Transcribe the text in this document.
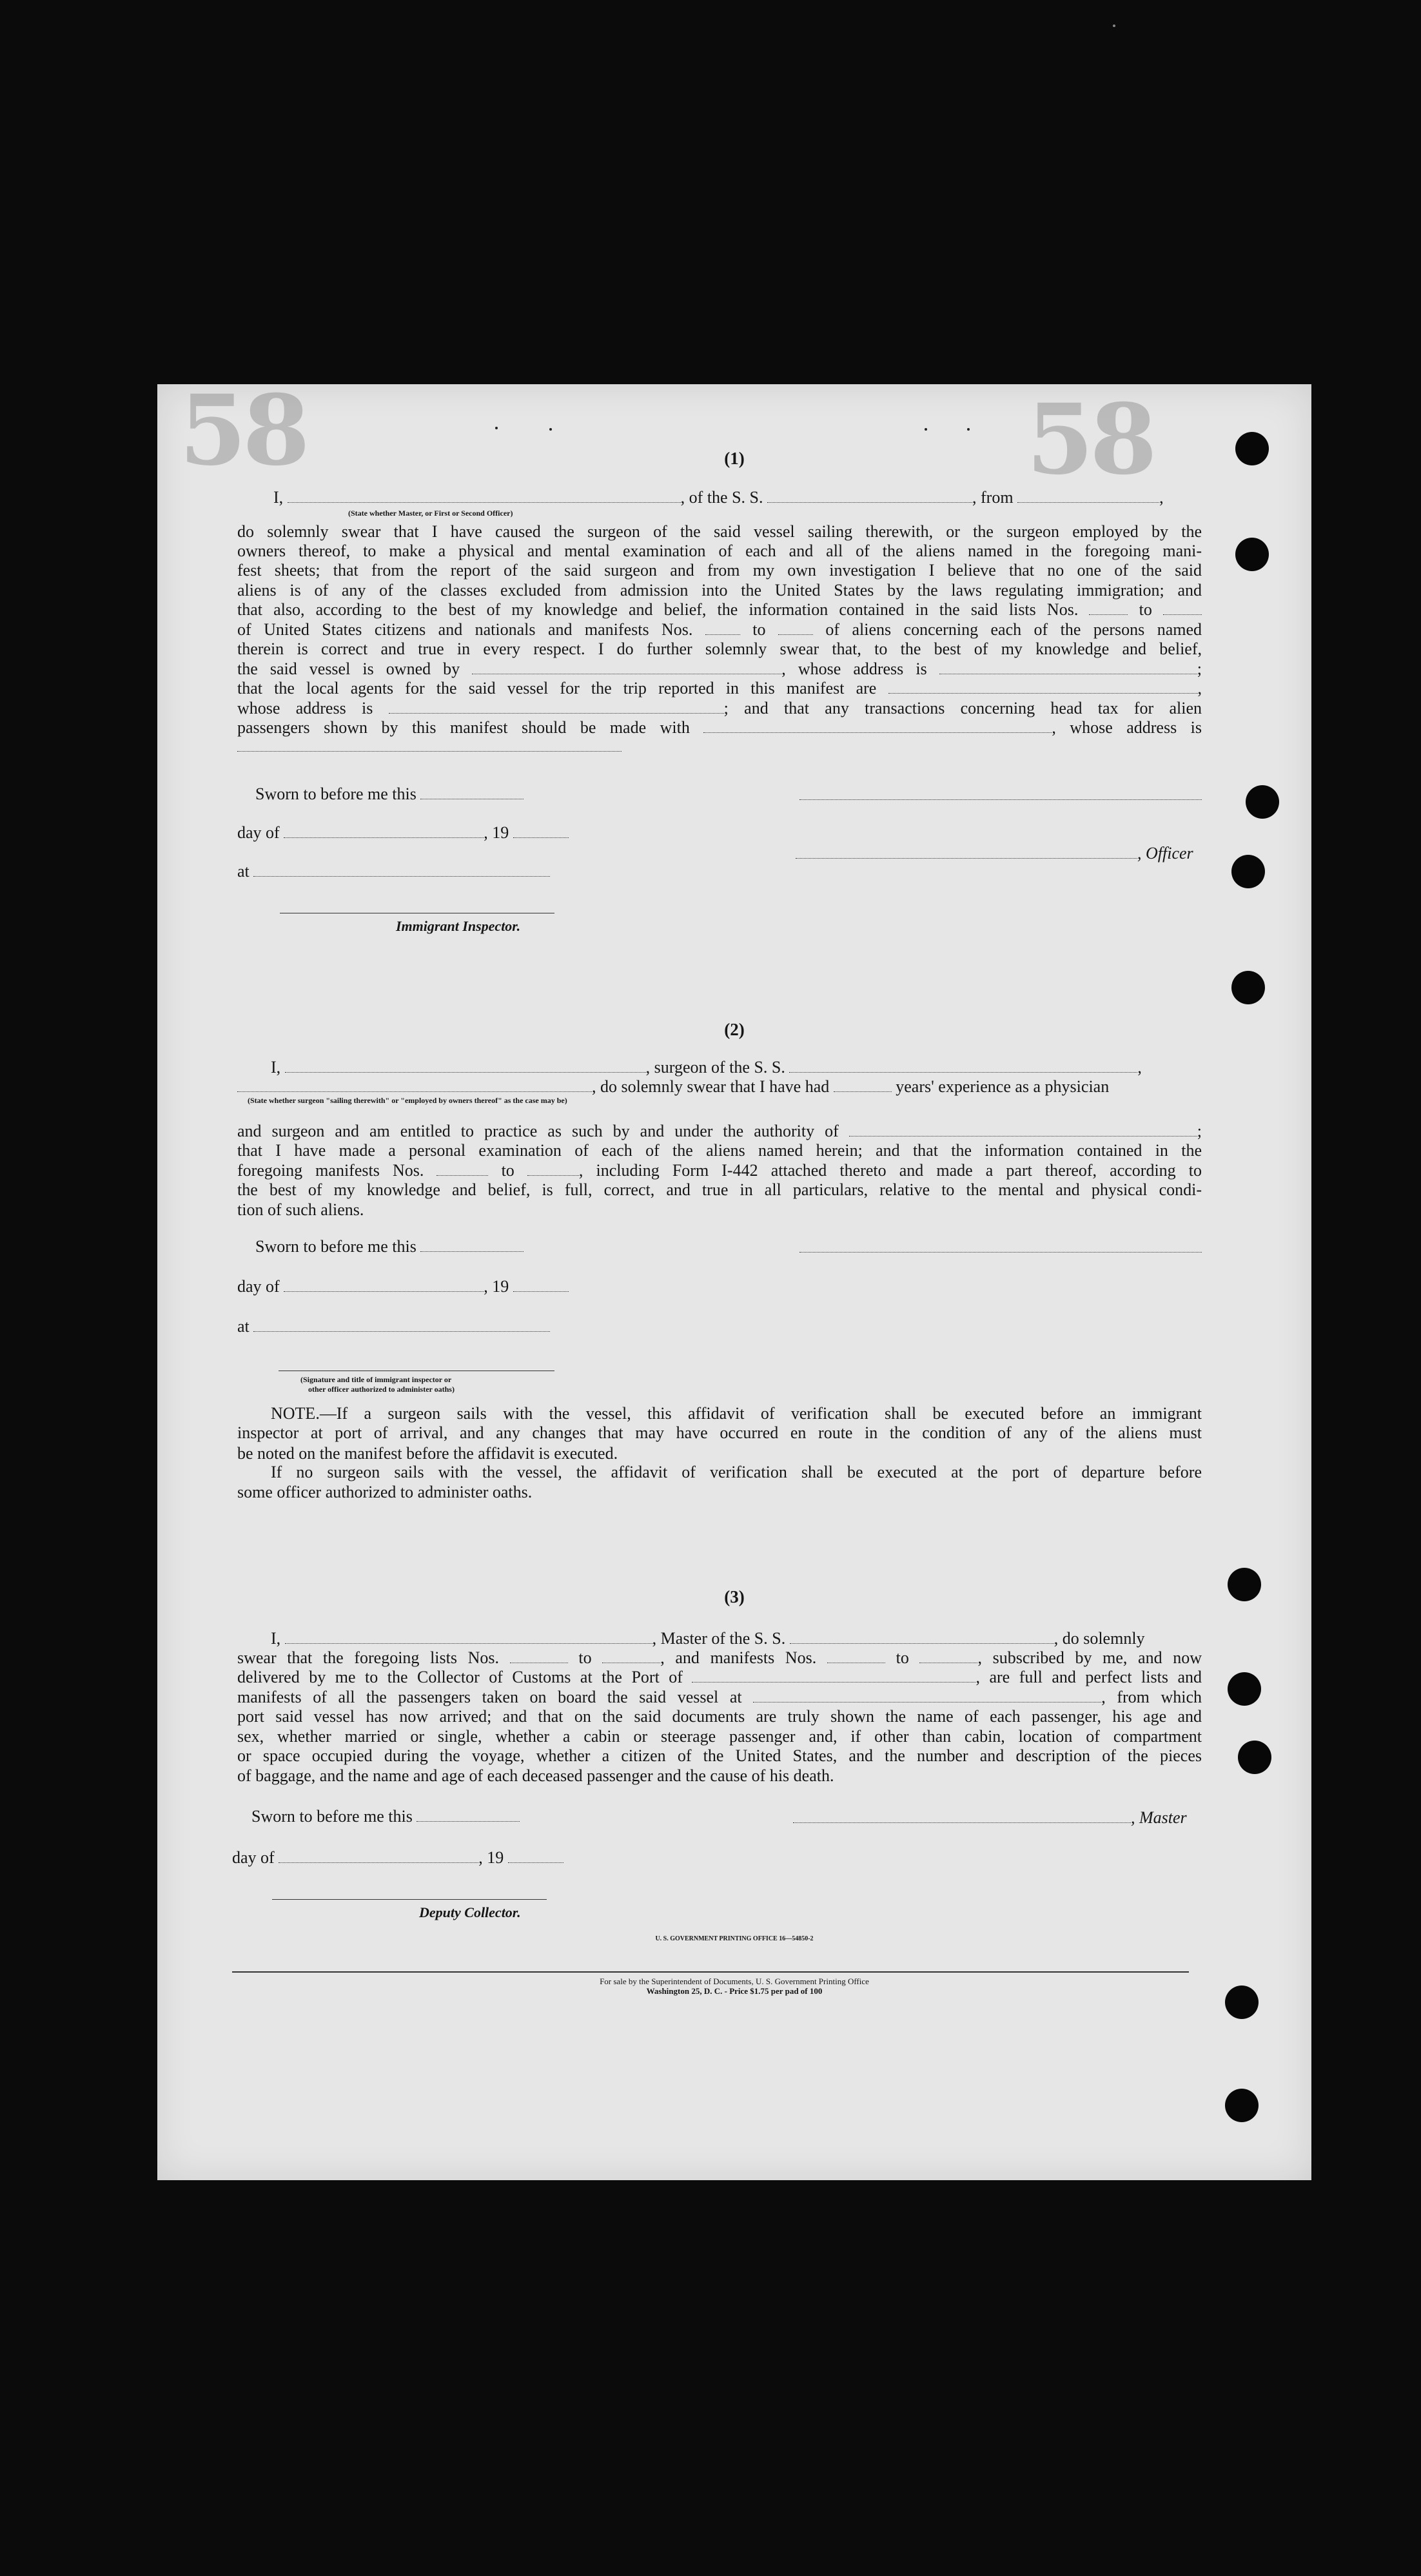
58	58
(1)
I,	, of the S. S.	, from	,
(State whether Master, or First or Second Officer)
do solemnly swear that I have caused the surgeon of the said vessel sailing therewith, or the surgeon employed by the
owners thereof, to make a physical and mental examination of each and all of the aliens named in the foregoing mani-
fest sheets; that from the report of the said surgeon and from my own investigation I believe that no one of the said
aliens is of any of the classes excluded from admission into the United States by the laws regulating immigration; and
that also, according to the best of my knowledge and belief, the information contained in the said lists Nos.	to
of United States citizens and nationals and manifests Nos.	to	of aliens concerning each of the persons named
therein is correct and true in every respect. I do further solemnly swear that, to the best of my knowledge and belief,
the said vessel is owned by	, whose address is	;
that the local agents for the said vessel for the trip reported in this manifest are	,
whose address is	; and that any transactions concerning head tax for alien
passengers shown by this manifest should be made with	, whose address is
Sworn to before me this
day of	, 19
, Officer
at
Immigrant Inspector.
(2)
I,	, surgeon of the S. S.	,
, do solemnly swear that I have had	years' experience as a physician
(State whether surgeon "sailing therewith" or "employed by owners thereof" as the case may be)
and surgeon and am entitled to practice as such by and under the authority of	;
that I have made a personal examination of each of the aliens named herein; and that the information contained in the
foregoing manifests Nos.	to	, including Form I-442 attached thereto and made a part thereof, according to
the best of my knowledge and belief, is full, correct, and true in all particulars, relative to the mental and physical condi-
tion of such aliens.
Sworn to before me this
day of	, 19
at
(Signature and title of immigrant inspector or
other officer authorized to administer oaths)
NOTE.—If a surgeon sails with the vessel, this affidavit of verification shall be executed before an immigrant
inspector at port of arrival, and any changes that may have occurred en route in the condition of any of the aliens must
be noted on the manifest before the affidavit is executed.
If no surgeon sails with the vessel, the affidavit of verification shall be executed at the port of departure before
some officer authorized to administer oaths.
(3)
I,	, Master of the S. S.	, do solemnly
swear that the foregoing lists Nos.	to	, and manifests Nos.	to	, subscribed by me, and now
delivered by me to the Collector of Customs at the Port of	, are full and perfect lists and
manifests of all the passengers taken on board the said vessel at	, from which
port said vessel has now arrived; and that on the said documents are truly shown the name of each passenger, his age and
sex, whether married or single, whether a cabin or steerage passenger and, if other than cabin, location of compartment
or space occupied during the voyage, whether a citizen of the United States, and the number and description of the pieces
of baggage, and the name and age of each deceased passenger and the cause of his death.
Sworn to before me this	, Master
day of	, 19
Deputy Collector.
U. S. GOVERNMENT PRINTING OFFICE 16—54850-2
For sale by the Superintendent of Documents, U. S. Government Printing Office
Washington 25, D. C. - Price $1.75 per pad of 100
